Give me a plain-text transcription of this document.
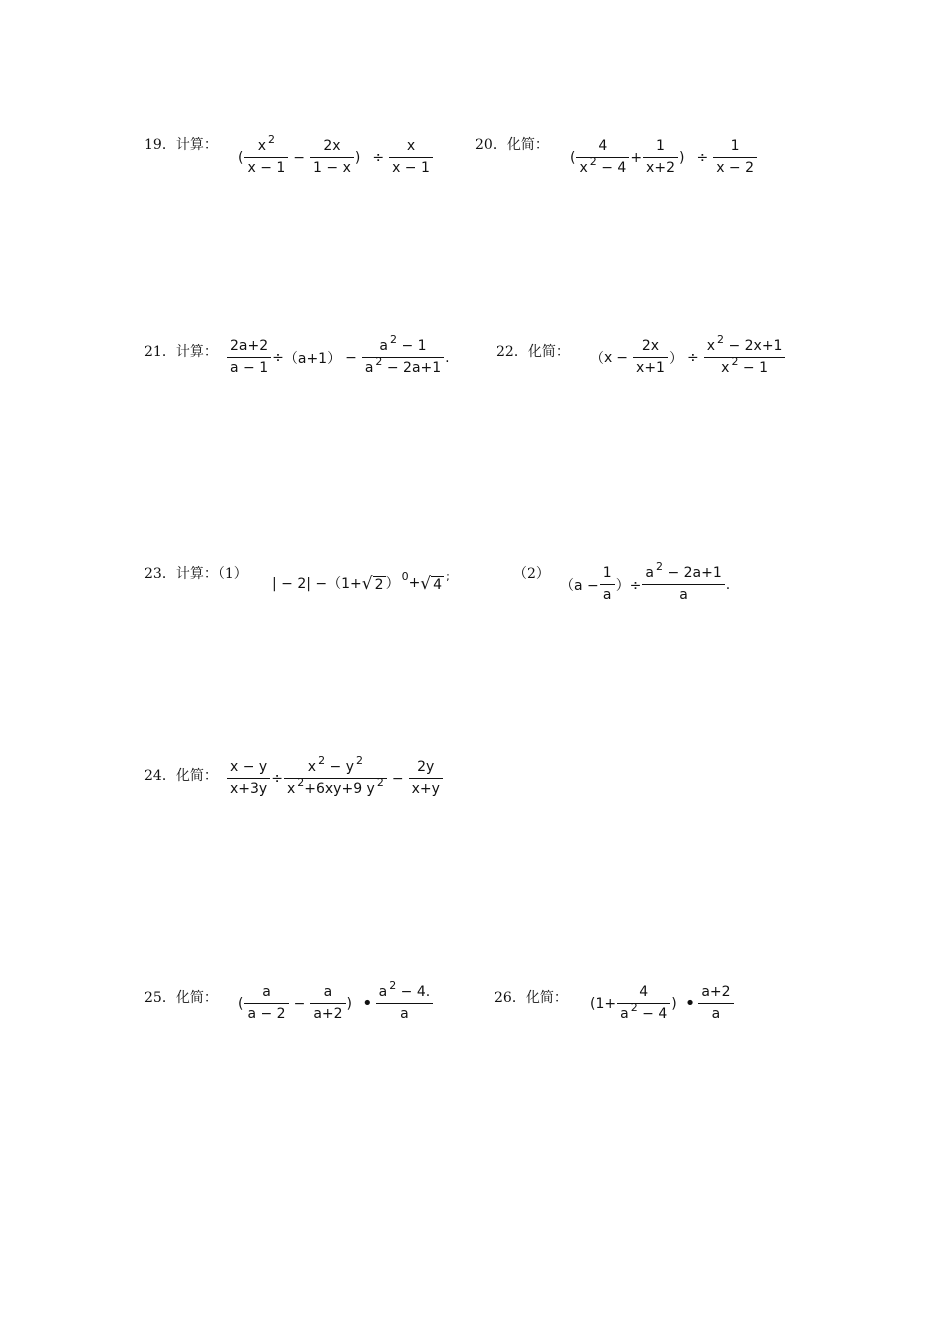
19．计算：
( $\frac{x ^2}{x - 1} - \frac{2x}{1 - x}$ ) ÷ $\frac{x}{x - 1}$	20．化简：
( $\frac{4}{x ^2 - 4} + \frac{1}{x+2}$ ) ÷ $\frac{1}{x - 2}$
21．计算： $\frac{2a+2}{a - 1} \div (a+1) - \frac{a ^2 - 1}{a ^2 - 2a+1}$ .	22．化简： （ $x - \frac{2x}{x+1}$ ） ÷ $\frac{x ^2 - 2x+1}{x ^2 - 1}$
23．计算：（1）
| − 2| −（1+ √ 2 ） 0 + √ 4
;	（2）
（$a - \frac{1}{a}$ ）÷ $\frac{a ^2 - 2a+1}{a}$ .
24．化简： $\frac{x - y}{x+3y} \div \frac{x ^2 - y ^2}{x ^2+6xy+9 y ^2} - \frac{2y}{x+y}$
25．化简： ( $\frac{a}{a - 2} - \frac{a}{a+2}$ ) • $\frac{a ^2 - 4.}{a}$	26．化简： ($1+ \frac{4}{a ^2 - 4}$ ) • $\frac{a+2}{a}$
